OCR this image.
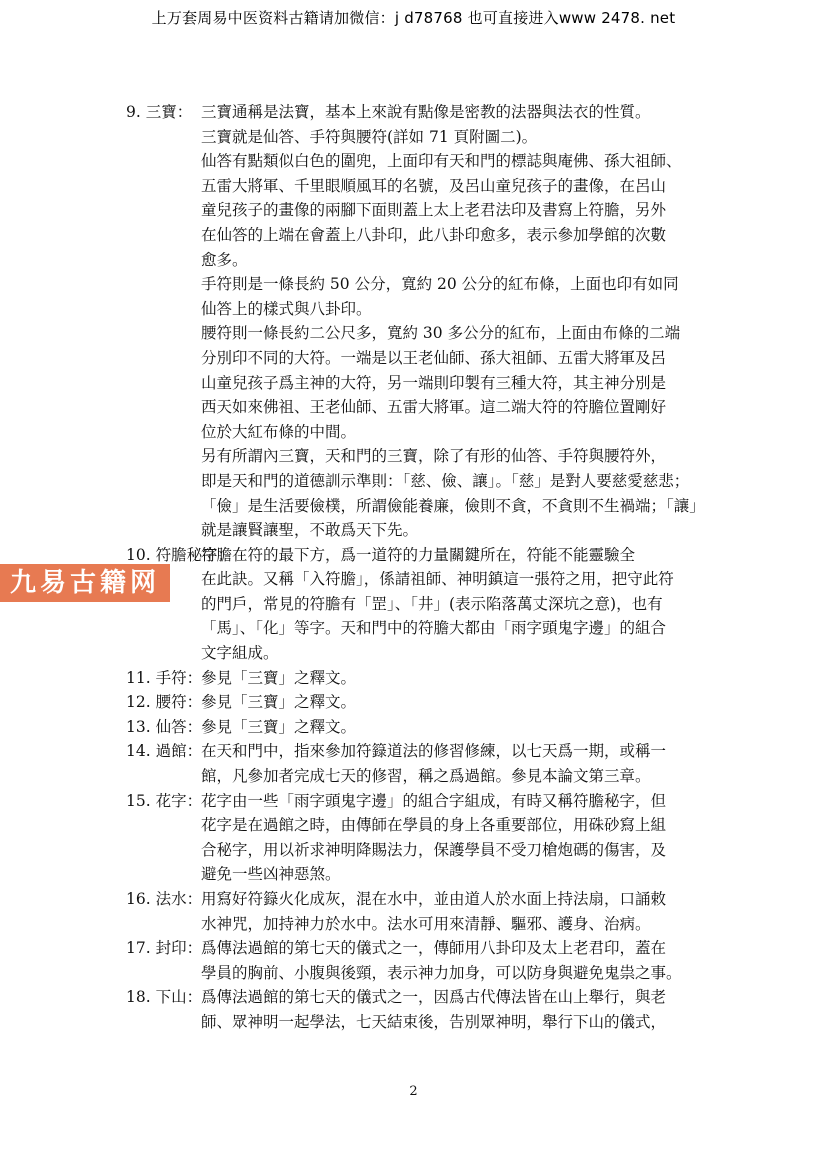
上万套周易中医资料古籍请加微信：j d78768 也可直接进入www 2478. net
9. 三寶： 三寶通稱是法寶，基本上來說有點像是密教的法器與法衣的性質。
三寶就是仙答、手符與腰符(詳如 71 頁附圖二)。
仙答有點類似白色的圍兜，上面印有天和門的標誌與庵佛、孫大祖師、
五雷大將軍、千里眼順風耳的名號，及呂山童兒孩子的畫像，在呂山
童兒孩子的畫像的兩腳下面則蓋上太上老君法印及書寫上符膽，另外
在仙答的上端在會蓋上八卦印，此八卦印愈多，表示參加學館的次數
愈多。
手符則是一條長約 50 公分，寬約 20 公分的紅布條，上面也印有如同
仙答上的樣式與八卦印。
腰符則一條長約二公尺多，寬約 30 多公分的紅布，上面由布條的二端
分別印不同的大符。一端是以王老仙師、孫大祖師、五雷大將軍及呂
山童兒孩子爲主神的大符，另一端則印製有三種大符，其主神分別是
西天如來佛祖、王老仙師、五雷大將軍。這二端大符的符膽位置剛好
位於大紅布條的中間。
另有所謂內三寶，天和門的三寶，除了有形的仙答、手符與腰符外，
即是天和門的道德訓示準則：「慈、儉、讓」。「慈」是對人要慈愛慈悲；
「儉」是生活要儉樸，所謂儉能養廉，儉則不貪，不貪則不生禍端；「讓」
就是讓賢讓聖，不敢爲天下先。
10. 符膽秘字：
符膽在符的最下方，爲一道符的力量關鍵所在，符能不能靈驗全
在此訣。又稱「入符膽」，係請祖師、神明鎮這一張符之用，把守此符
的門戶，常見的符膽有「罡」、「井」(表示陷落萬丈深坑之意)，也有
「馬」、「化」等字。天和門中的符膽大都由「雨字頭鬼字邊」的組合
文字組成。
11. 手符：
參見「三寶」之釋文。
12. 腰符：
參見「三寶」之釋文。
13. 仙答：
參見「三寶」之釋文。
14. 過館：
在天和門中，指來參加符籙道法的修習修練，以七天爲一期，或稱一
館，凡參加者完成七天的修習，稱之爲過館。參見本論文第三章。
15. 花字：
花字由一些「雨字頭鬼字邊」的組合字組成，有時又稱符膽秘字，但
花字是在過館之時，由傳師在學員的身上各重要部位，用硃砂寫上組
合秘字，用以祈求神明降賜法力，保護學員不受刀槍炮碼的傷害，及
避免一些凶神惡煞。
16. 法水：
用寫好符籙火化成灰，混在水中，並由道人於水面上持法扇，口誦敕
水神咒，加持神力於水中。法水可用來清靜、驅邪、護身、治病。
17. 封印：
爲傳法過館的第七天的儀式之一，傳師用八卦印及太上老君印，蓋在
學員的胸前、小腹與後頸，表示神力加身，可以防身與避免鬼祟之事。
18. 下山：
爲傳法過館的第七天的儀式之一，因爲古代傳法皆在山上舉行，與老
師、眾神明一起學法，七天結束後，告別眾神明，舉行下山的儀式，
九易古籍网
2
